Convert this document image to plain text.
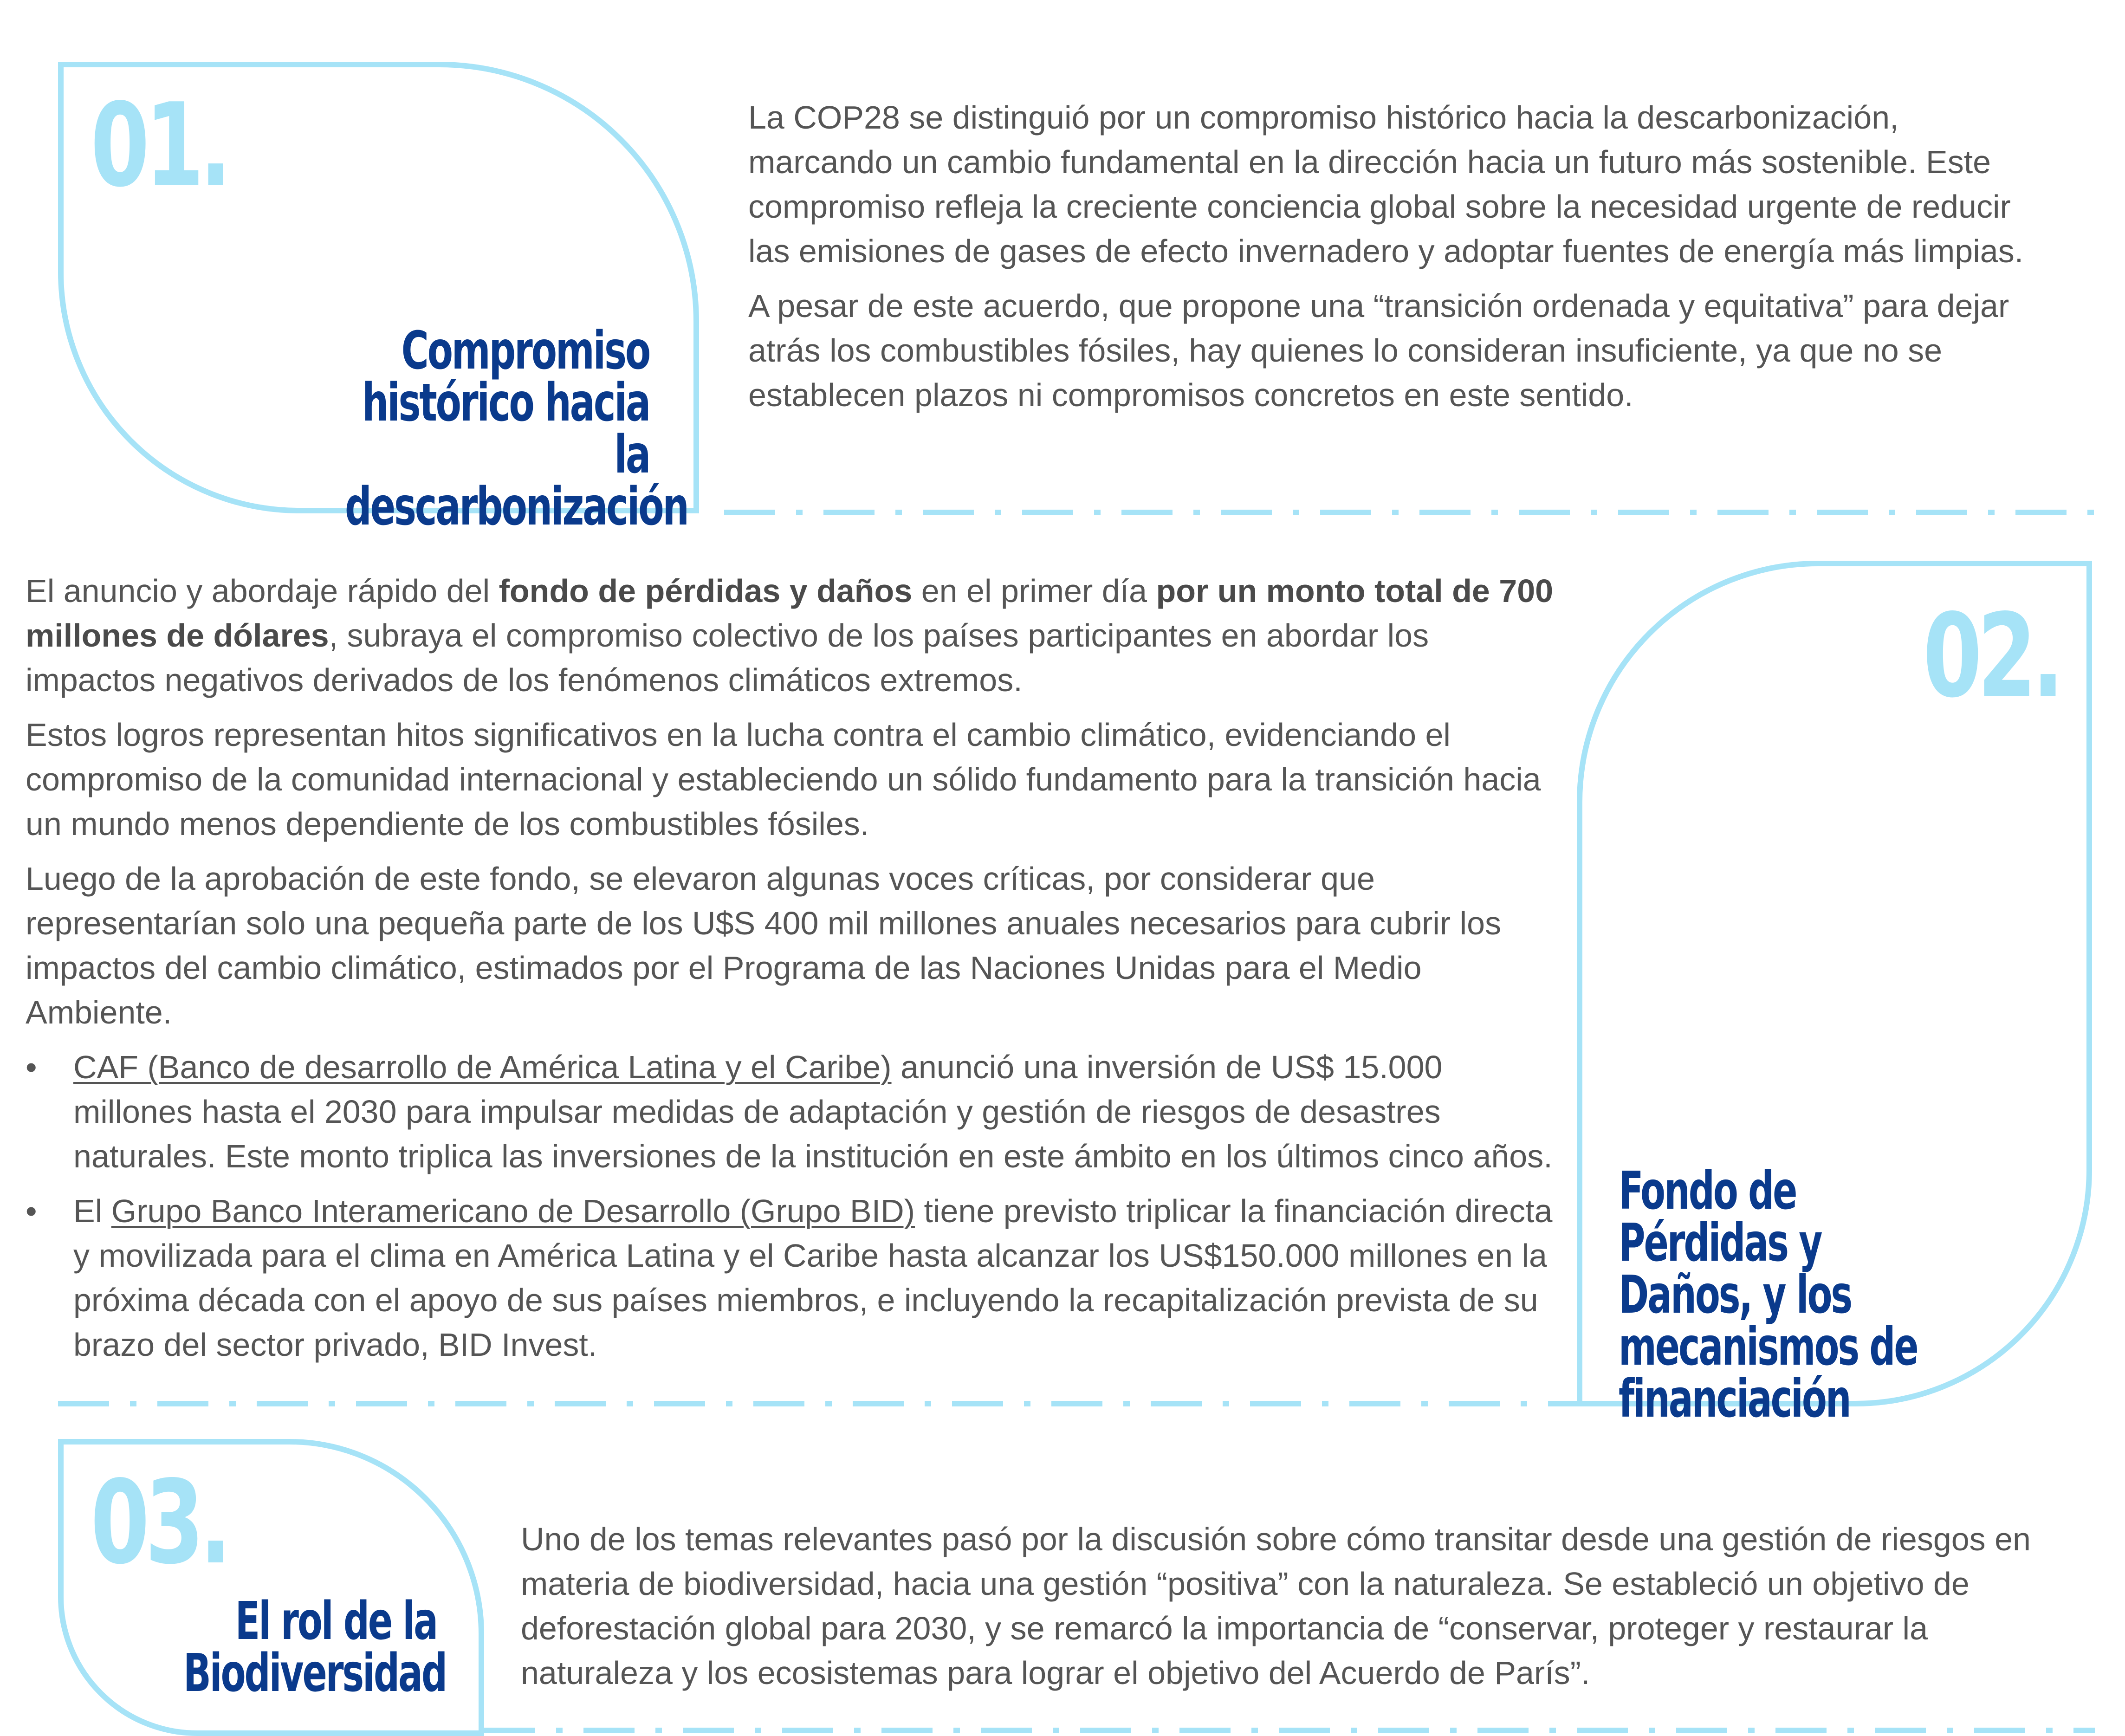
01.
Compromiso histórico hacia la descarbonización

La COP28 se distinguió por un compromiso histórico hacia la descarbonización, marcando un cambio fundamental en la dirección hacia un futuro más sostenible. Este compromiso refleja la creciente conciencia global sobre la necesidad urgente de reducir las emisiones de gases de efecto invernadero y adoptar fuentes de energía más limpias.

A pesar de este acuerdo, que propone una “transición ordenada y equitativa” para dejar atrás los combustibles fósiles, hay quienes lo consideran insuficiente, ya que no se establecen plazos ni compromisos concretos en este sentido.

02.
Fondo de Pérdidas y Daños, y los mecanismos de financiación

El anuncio y abordaje rápido del fondo de pérdidas y daños en el primer día por un monto total de 700 millones de dólares, subraya el compromiso colectivo de los países participantes en abordar los impactos negativos derivados de los fenómenos climáticos extremos.

Estos logros representan hitos significativos en la lucha contra el cambio climático, evidenciando el compromiso de la comunidad internacional y estableciendo un sólido fundamento para la transición hacia un mundo menos dependiente de los combustibles fósiles.

Luego de la aprobación de este fondo, se elevaron algunas voces críticas, por considerar que representarían solo una pequeña parte de los U$S 400 mil millones anuales necesarios para cubrir los impactos del cambio climático, estimados por el Programa de las Naciones Unidas para el Medio Ambiente.

• CAF (Banco de desarrollo de América Latina y el Caribe) anunció una inversión de US$ 15.000 millones hasta el 2030 para impulsar medidas de adaptación y gestión de riesgos de desastres naturales. Este monto triplica las inversiones de la institución en este ámbito en los últimos cinco años.
• El Grupo Banco Interamericano de Desarrollo (Grupo BID) tiene previsto triplicar la financiación directa y movilizada para el clima en América Latina y el Caribe hasta alcanzar los US$150.000 millones en la próxima década con el apoyo de sus países miembros, e incluyendo la recapitalización prevista de su brazo del sector privado, BID Invest.
03.
El rol de la Biodiversidad

Uno de los temas relevantes pasó por la discusión sobre cómo transitar desde una gestión de riesgos en materia de biodiversidad, hacia una gestión “positiva” con la naturaleza. Se estableció un objetivo de deforestación global para 2030, y se remarcó la importancia de “conservar, proteger y restaurar la naturaleza y los ecosistemas para lograr el objetivo del Acuerdo de París”.
